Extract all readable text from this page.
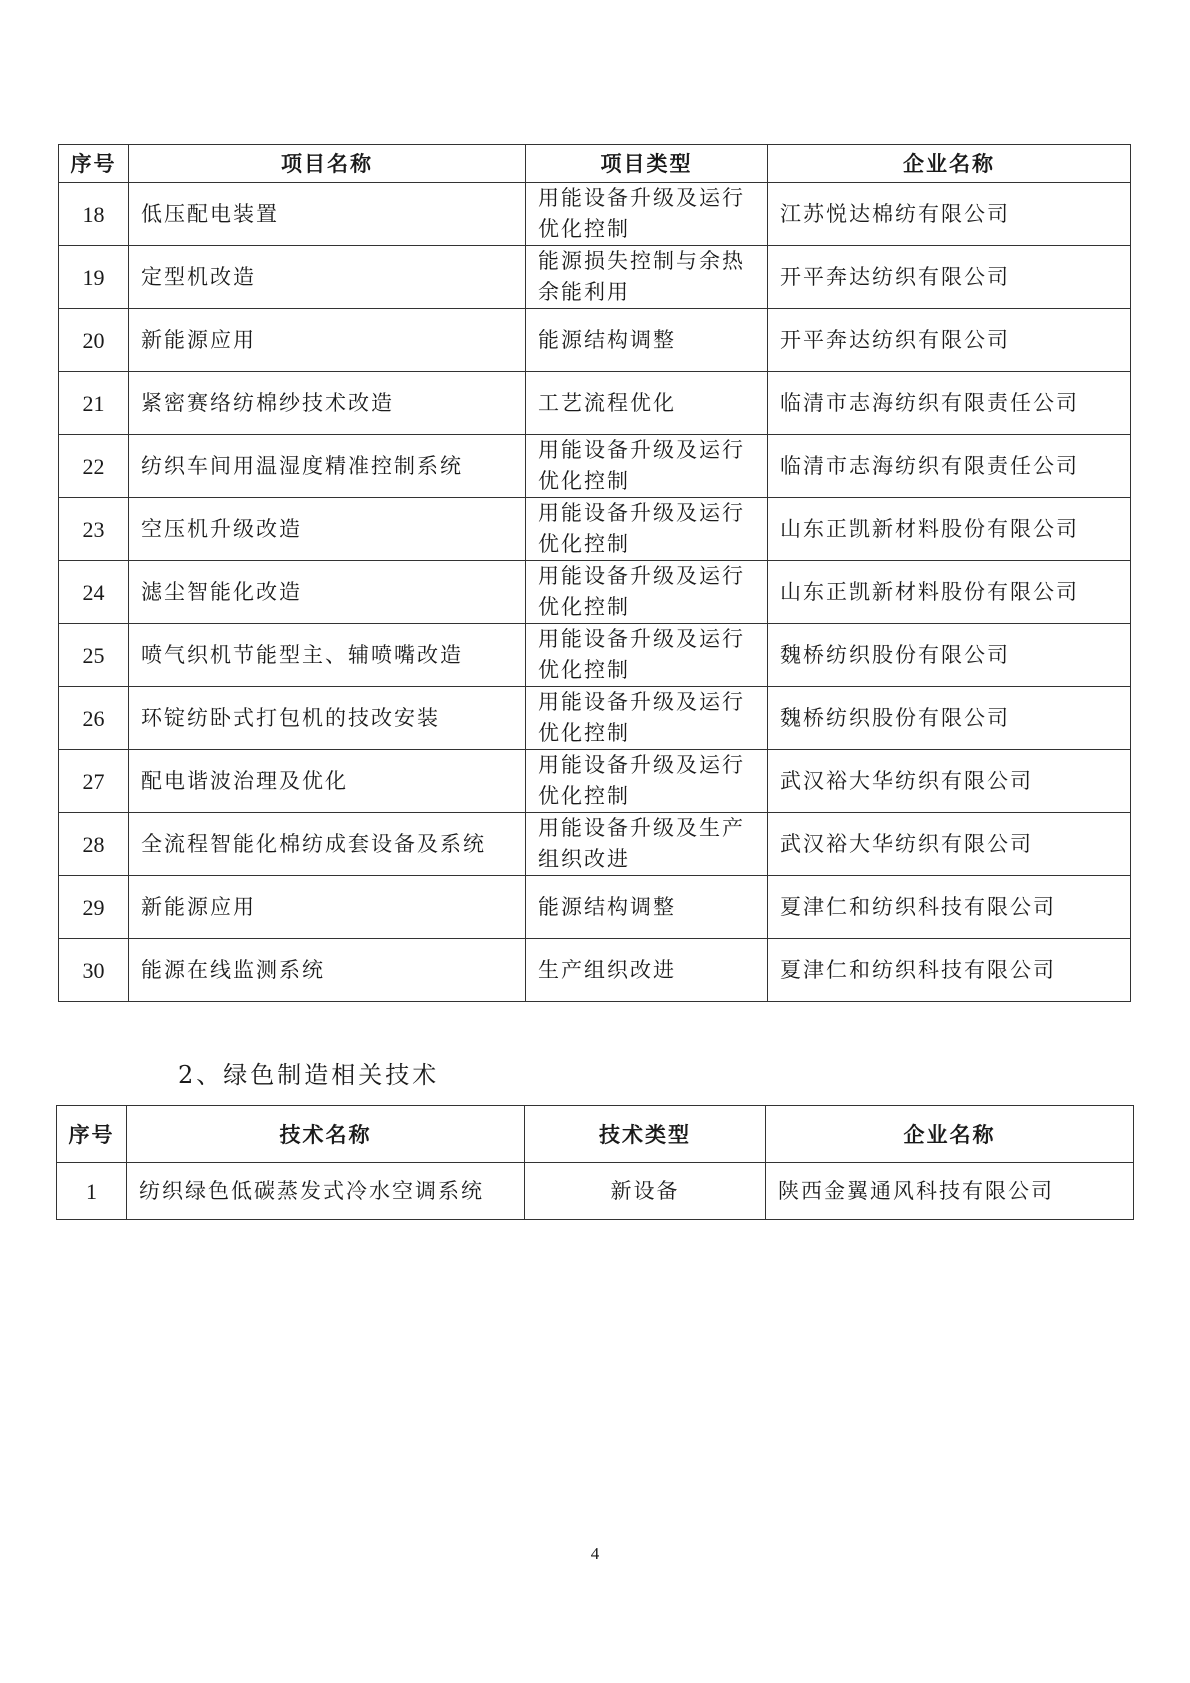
序号	项目名称	项目类型	企业名称
18	低压配电装置	用能设备升级及运行优化控制	江苏悦达棉纺有限公司
19	定型机改造	能源损失控制与余热余能利用	开平奔达纺织有限公司
20	新能源应用	能源结构调整	开平奔达纺织有限公司
21	紧密赛络纺棉纱技术改造	工艺流程优化	临清市志海纺织有限责任公司
22	纺织车间用温湿度精准控制系统	用能设备升级及运行优化控制	临清市志海纺织有限责任公司
23	空压机升级改造	用能设备升级及运行优化控制	山东正凯新材料股份有限公司
24	滤尘智能化改造	用能设备升级及运行优化控制	山东正凯新材料股份有限公司
25	喷气织机节能型主、辅喷嘴改造	用能设备升级及运行优化控制	魏桥纺织股份有限公司
26	环锭纺卧式打包机的技改安装	用能设备升级及运行优化控制	魏桥纺织股份有限公司
27	配电谐波治理及优化	用能设备升级及运行优化控制	武汉裕大华纺织有限公司
28	全流程智能化棉纺成套设备及系统	用能设备升级及生产组织改进	武汉裕大华纺织有限公司
29	新能源应用	能源结构调整	夏津仁和纺织科技有限公司
30	能源在线监测系统	生产组织改进	夏津仁和纺织科技有限公司
2、绿色制造相关技术
序号	技术名称	技术类型	企业名称
1	纺织绿色低碳蒸发式冷水空调系统	新设备	陕西金翼通风科技有限公司
4
